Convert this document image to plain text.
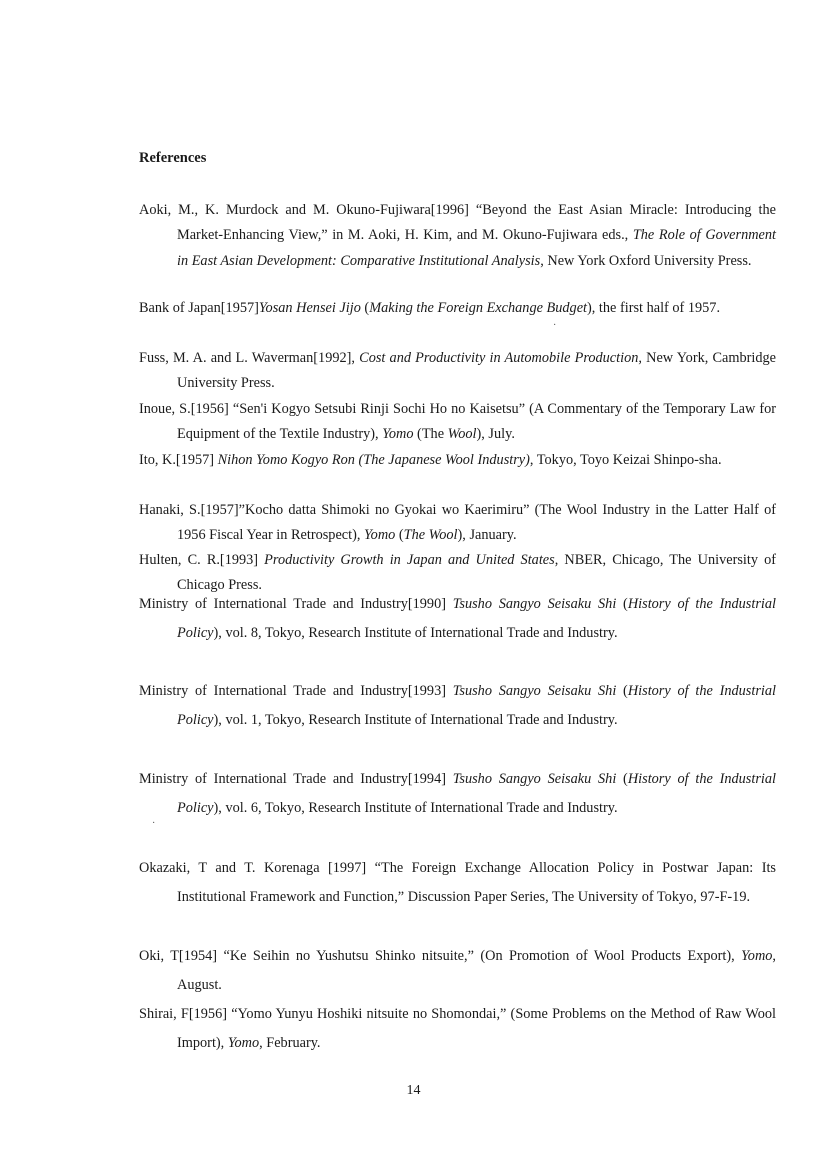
References

Aoki, M., K. Murdock and M. Okuno-Fujiwara[1996] “Beyond the East Asian Miracle: Introducing the Market-Enhancing View,” in M. Aoki, H. Kim, and M. Okuno-Fujiwara eds., The Role of Government in East Asian Development: Comparative Institutional Analysis, New York Oxford University Press.

Bank of Japan[1957]Yosan Hensei Jijo (Making the Foreign Exchange Budget), the first half of 1957.

Fuss, M. A. and L. Waverman[1992], Cost and Productivity in Automobile Production, New York, Cambridge University Press.

Inoue, S.[1956] “Sen'i Kogyo Setsubi Rinji Sochi Ho no Kaisetsu” (A Commentary of the Temporary Law for Equipment of the Textile Industry), Yomo (The Wool), July.

Ito, K.[1957] Nihon Yomo Kogyo Ron (The Japanese Wool Industry), Tokyo, Toyo Keizai Shinpo-sha.

Hanaki, S.[1957]”Kocho datta Shimoki no Gyokai wo Kaerimiru” (The Wool Industry in the Latter Half of 1956 Fiscal Year in Retrospect), Yomo (The Wool), January.

Hulten, C. R.[1993] Productivity Growth in Japan and United States, NBER, Chicago, The University of Chicago Press.

Ministry of International Trade and Industry[1990] Tsusho Sangyo Seisaku Shi (History of the Industrial Policy), vol. 8, Tokyo, Research Institute of International Trade and Industry.

Ministry of International Trade and Industry[1993] Tsusho Sangyo Seisaku Shi (History of the Industrial Policy), vol. 1, Tokyo, Research Institute of International Trade and Industry.

Ministry of International Trade and Industry[1994] Tsusho Sangyo Seisaku Shi (History of the Industrial Policy), vol. 6, Tokyo, Research Institute of International Trade and Industry.

Okazaki, T and T. Korenaga [1997] “The Foreign Exchange Allocation Policy in Postwar Japan: Its Institutional Framework and Function,” Discussion Paper Series, The University of Tokyo, 97-F-19.

Oki, T[1954] “Ke Seihin no Yushutsu Shinko nitsuite,” (On Promotion of Wool Products Export), Yomo, August.

Shirai, F[1956] “Yomo Yunyu Hoshiki nitsuite no Shomondai,” (Some Problems on the Method of Raw Wool Import), Yomo, February.

14
·
·
